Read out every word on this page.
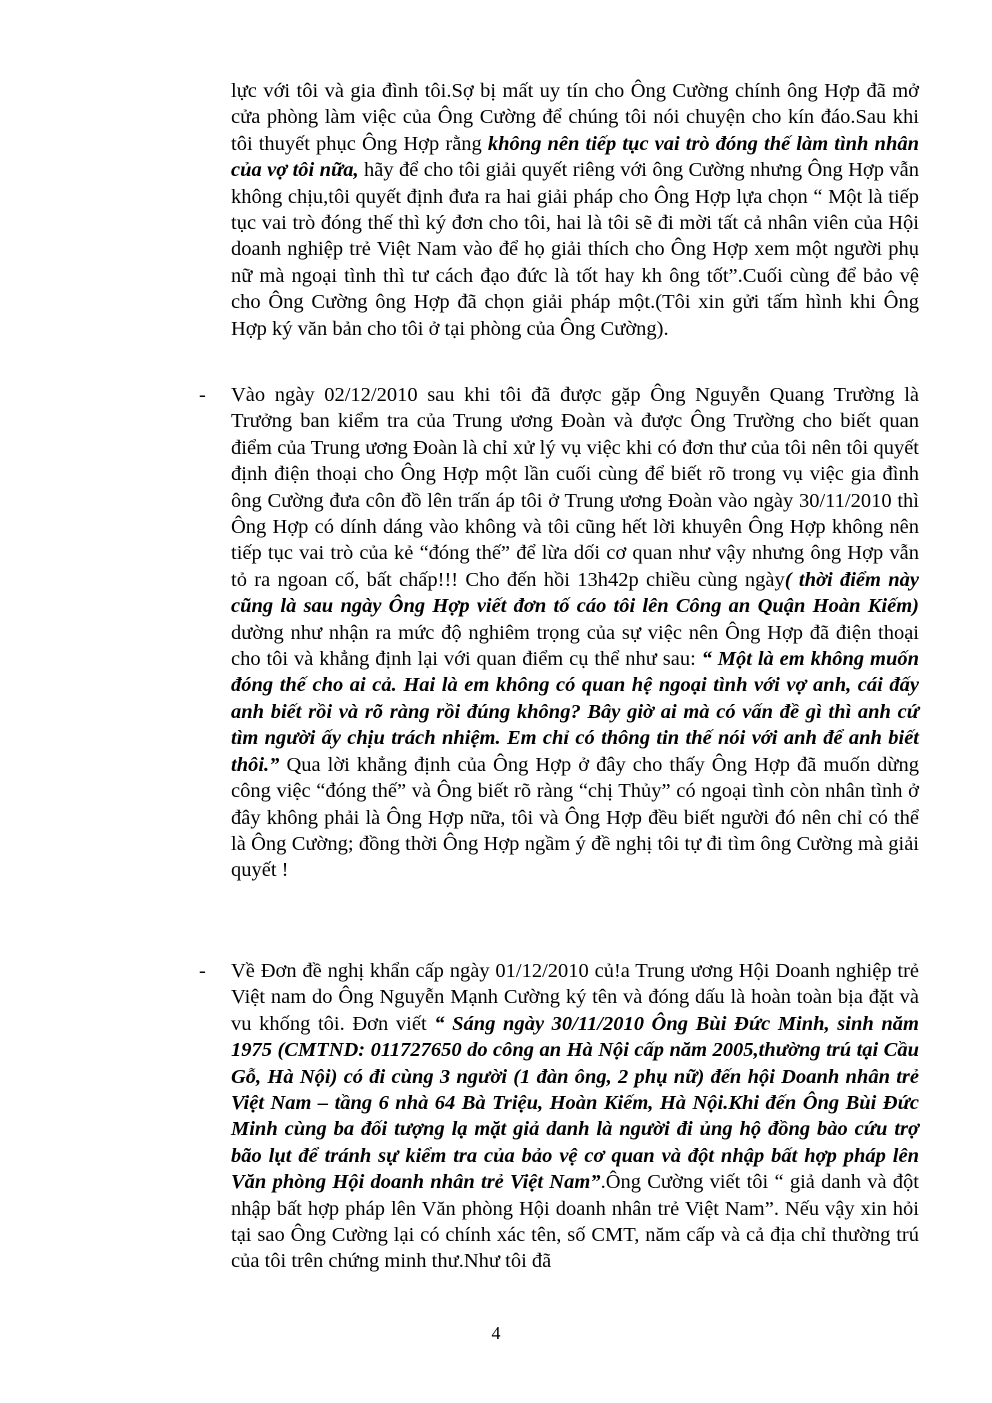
lực với tôi và gia đình tôi.Sợ bị mất uy tín cho Ông Cường chính ông Hợp đã mở cửa phòng làm việc của Ông Cường để chúng tôi nói chuyện cho kín đáo.Sau khi tôi thuyết phục Ông Hợp rằng không nên tiếp tục vai trò đóng thế làm tình nhân của vợ tôi nữa, hãy để cho tôi giải quyết riêng với ông Cường nhưng Ông Hợp vẫn không chịu,tôi quyết định đưa ra hai giải pháp cho Ông Hợp lựa chọn “ Một là tiếp tục vai trò đóng thế thì ký đơn cho tôi, hai là tôi sẽ đi mời tất cả nhân viên của Hội doanh nghiệp trẻ Việt Nam vào để họ giải thích cho Ông Hợp xem một người phụ nữ mà ngoại tình thì tư cách đạo đức là tốt hay kh ông tốt”.Cuối cùng để bảo vệ cho Ông Cường ông Hợp đã chọn giải pháp một.(Tôi xin gửi tấm hình khi Ông Hợp ký văn bản cho tôi ở tại phòng của Ông Cường).

-	Vào ngày 02/12/2010 sau khi tôi đã được gặp Ông Nguyễn Quang Trường là Trưởng ban kiểm tra của Trung ương Đoàn và được Ông Trường cho biết quan điểm của Trung ương Đoàn là chỉ xử lý vụ việc khi có đơn thư của tôi nên tôi quyết định điện thoại cho Ông Hợp một lần cuối cùng để biết rõ trong vụ việc gia đình ông Cường đưa côn đồ lên trấn áp tôi ở Trung ương Đoàn vào ngày 30/11/2010 thì Ông Hợp có dính dáng vào không và tôi cũng hết lời khuyên Ông Hợp không nên tiếp tục vai trò của kẻ “đóng thế” để lừa dối cơ quan như vậy nhưng ông Hợp vẫn tỏ ra ngoan cố, bất chấp!!! Cho đến hồi 13h42p chiều cùng ngày( thời điểm này cũng là sau ngày Ông Hợp viết đơn tố cáo tôi lên Công an Quận Hoàn Kiếm) dường như nhận ra mức độ nghiêm trọng của sự việc nên Ông Hợp đã điện thoại cho tôi và khẳng định lại với quan điểm cụ thể như sau: “ Một là em không muốn đóng thế cho ai cả. Hai là em không có quan hệ ngoại tình với vợ anh, cái đấy anh biết rồi và rõ ràng rồi đúng không? Bây giờ ai mà có vấn đề gì thì anh cứ tìm người ấy chịu trách nhiệm. Em chỉ có thông tin thế nói với anh để anh biết thôi.” Qua lời khẳng định của Ông Hợp ở đây cho thấy Ông Hợp đã muốn dừng công việc “đóng thế” và Ông biết rõ ràng “chị Thủy” có ngoại tình còn nhân tình ở đây không phải là Ông Hợp nữa, tôi và Ông Hợp đều biết người đó nên chỉ có thể là Ông Cường; đồng thời Ông Hợp ngầm ý đề nghị tôi tự đi tìm ông Cường mà giải quyết !

-	Về Đơn đề nghị khẩn cấp ngày 01/12/2010 củ!a Trung ương Hội Doanh nghiệp trẻ Việt nam do Ông Nguyễn Mạnh Cường ký tên và đóng dấu là hoàn toàn bịa đặt và vu khống tôi. Đơn viết “ Sáng ngày 30/11/2010 Ông Bùi Đức Minh, sinh năm 1975 (CMTND: 011727650 do công an Hà Nội cấp năm 2005,thường trú tại Cầu Gỗ, Hà Nội) có đi cùng 3 người (1 đàn ông, 2 phụ nữ) đến hội Doanh nhân trẻ Việt Nam – tầng 6 nhà 64 Bà Triệu, Hoàn Kiếm, Hà Nội.Khi đến Ông Bùi Đức Minh cùng ba đối tượng lạ mặt giả danh là người đi ủng hộ đồng bào cứu trợ bão lụt để tránh sự kiểm tra của bảo vệ cơ quan và đột nhập bất hợp pháp lên Văn phòng Hội doanh nhân trẻ Việt Nam”.Ông Cường viết tôi “ giả danh và đột nhập bất hợp pháp lên Văn phòng Hội doanh nhân trẻ Việt Nam”. Nếu vậy xin hỏi tại sao Ông Cường lại có chính xác tên, số CMT, năm cấp và cả địa chỉ thường trú của tôi trên chứng minh thư.Như tôi đã

4
